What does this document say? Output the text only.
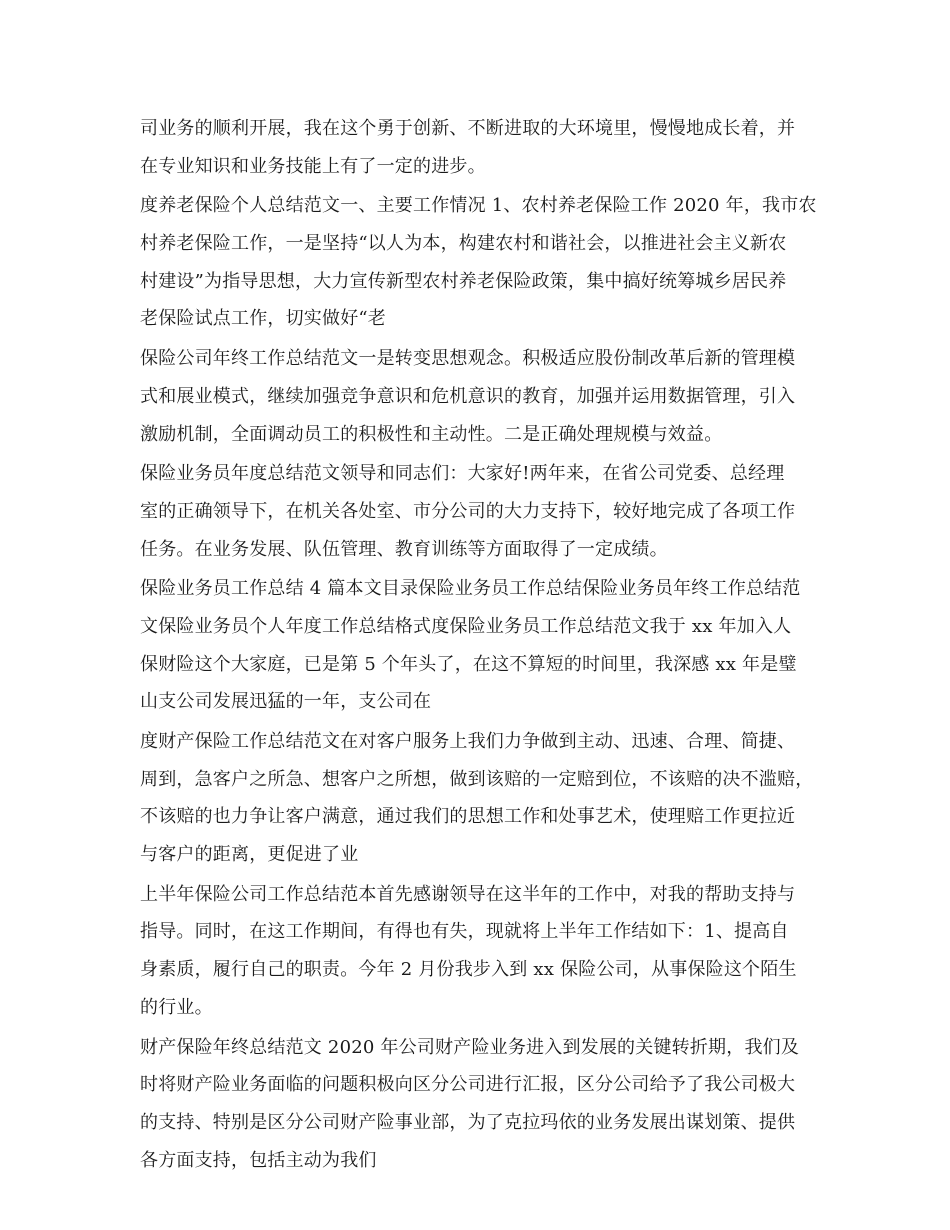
司业务的顺利开展，我在这个勇于创新、不断进取的大环境里，慢慢地成长着，并
在专业知识和业务技能上有了一定的进步。
度养老保险个人总结范文一、主要工作情况 1、农村养老保险工作 2020 年，我市农
村养老保险工作，一是坚持“以人为本，构建农村和谐社会，以推进社会主义新农
村建设”为指导思想，大力宣传新型农村养老保险政策，集中搞好统筹城乡居民养
老保险试点工作，切实做好“老
保险公司年终工作总结范文一是转变思想观念。积极适应股份制改革后新的管理模
式和展业模式，继续加强竞争意识和危机意识的教育，加强并运用数据管理，引入
激励机制，全面调动员工的积极性和主动性。二是正确处理规模与效益。
保险业务员年度总结范文领导和同志们：大家好!两年来，在省公司党委、总经理
室的正确领导下，在机关各处室、市分公司的大力支持下，较好地完成了各项工作
任务。在业务发展、队伍管理、教育训练等方面取得了一定成绩。
保险业务员工作总结 4 篇本文目录保险业务员工作总结保险业务员年终工作总结范
文保险业务员个人年度工作总结格式度保险业务员工作总结范文我于 xx 年加入人
保财险这个大家庭，已是第 5 个年头了，在这不算短的时间里，我深感 xx 年是璧
山支公司发展迅猛的一年，支公司在
度财产保险工作总结范文在对客户服务上我们力争做到主动、迅速、合理、简捷、
周到，急客户之所急、想客户之所想，做到该赔的一定赔到位，不该赔的决不滥赔，
不该赔的也力争让客户满意，通过我们的思想工作和处事艺术，使理赔工作更拉近
与客户的距离，更促进了业
上半年保险公司工作总结范本首先感谢领导在这半年的工作中，对我的帮助支持与
指导。同时，在这工作期间，有得也有失，现就将上半年工作结如下：1、提高自
身素质，履行自己的职责。今年 2 月份我步入到 xx 保险公司，从事保险这个陌生
的行业。
财产保险年终总结范文 2020 年公司财产险业务进入到发展的关键转折期，我们及
时将财产险业务面临的问题积极向区分公司进行汇报，区分公司给予了我公司极大
的支持、特别是区分公司财产险事业部，为了克拉玛依的业务发展出谋划策、提供
各方面支持，包括主动为我们
